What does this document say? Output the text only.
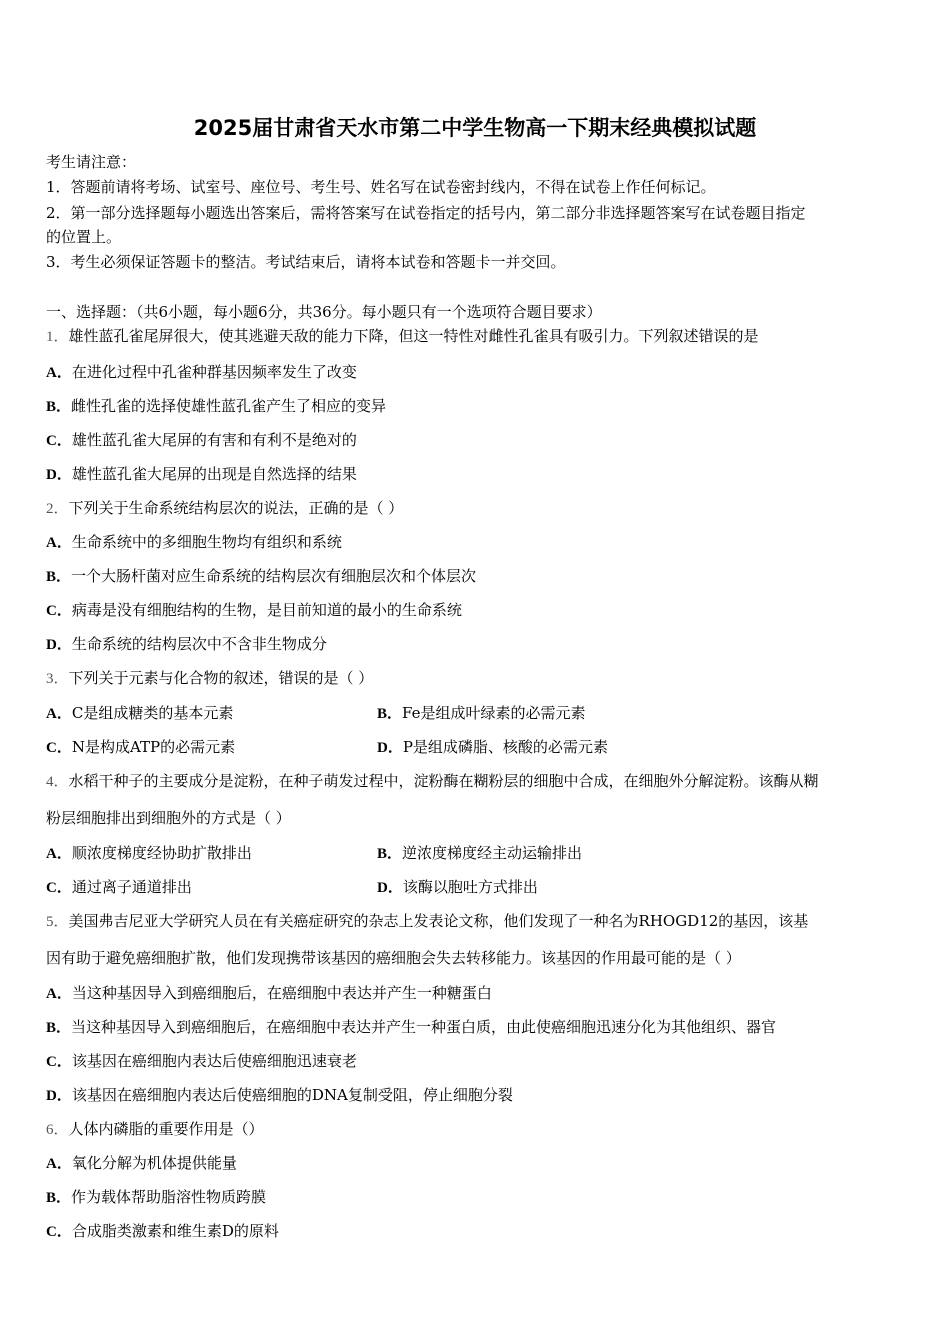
2025届甘肃省天水市第二中学生物高一下期末经典模拟试题
考生请注意：
1．答题前请将考场、试室号、座位号、考生号、姓名写在试卷密封线内，不得在试卷上作任何标记。
2．第一部分选择题每小题选出答案后，需将答案写在试卷指定的括号内，第二部分非选择题答案写在试卷题目指定
的位置上。
3．考生必须保证答题卡的整洁。考试结束后，请将本试卷和答题卡一并交回。
一、选择题：（共6小题，每小题6分，共36分。每小题只有一个选项符合题目要求）
1．雄性蓝孔雀尾屏很大，使其逃避天敌的能力下降，但这一特性对雌性孔雀具有吸引力。下列叙述错误的是
A．在进化过程中孔雀种群基因频率发生了改变
B．雌性孔雀的选择使雄性蓝孔雀产生了相应的变异
C．雄性蓝孔雀大尾屏的有害和有利不是绝对的
D．雄性蓝孔雀大尾屏的出现是自然选择的结果
2．下列关于生命系统结构层次的说法，正确的是（ ）
A．生命系统中的多细胞生物均有组织和系统
B．一个大肠杆菌对应生命系统的结构层次有细胞层次和个体层次
C．病毒是没有细胞结构的生物，是目前知道的最小的生命系统
D．生命系统的结构层次中不含非生物成分
3．下列关于元素与化合物的叙述，错误的是（ ）
A．C是组成糖类的基本元素	B．Fe是组成叶绿素的必需元素
C．N是构成ATP的必需元素	D．P是组成磷脂、核酸的必需元素
4．水稻干种子的主要成分是淀粉，在种子萌发过程中，淀粉酶在糊粉层的细胞中合成，在细胞外分解淀粉。该酶从糊
粉层细胞排出到细胞外的方式是（ ）
A．顺浓度梯度经协助扩散排出	B．逆浓度梯度经主动运输排出
C．通过离子通道排出	D．该酶以胞吐方式排出
5．美国弗吉尼亚大学研究人员在有关癌症研究的杂志上发表论文称，他们发现了一种名为RHOGD12的基因，该基
因有助于避免癌细胞扩散，他们发现携带该基因的癌细胞会失去转移能力。该基因的作用最可能的是（ ）
A．当这种基因导入到癌细胞后，在癌细胞中表达并产生一种糖蛋白
B．当这种基因导入到癌细胞后，在癌细胞中表达并产生一种蛋白质，由此使癌细胞迅速分化为其他组织、器官
C．该基因在癌细胞内表达后使癌细胞迅速衰老
D．该基因在癌细胞内表达后使癌细胞的DNA复制受阻，停止细胞分裂
6．人体内磷脂的重要作用是（）
A．氧化分解为机体提供能量
B．作为载体帮助脂溶性物质跨膜
C．合成脂类激素和维生素D的原料
